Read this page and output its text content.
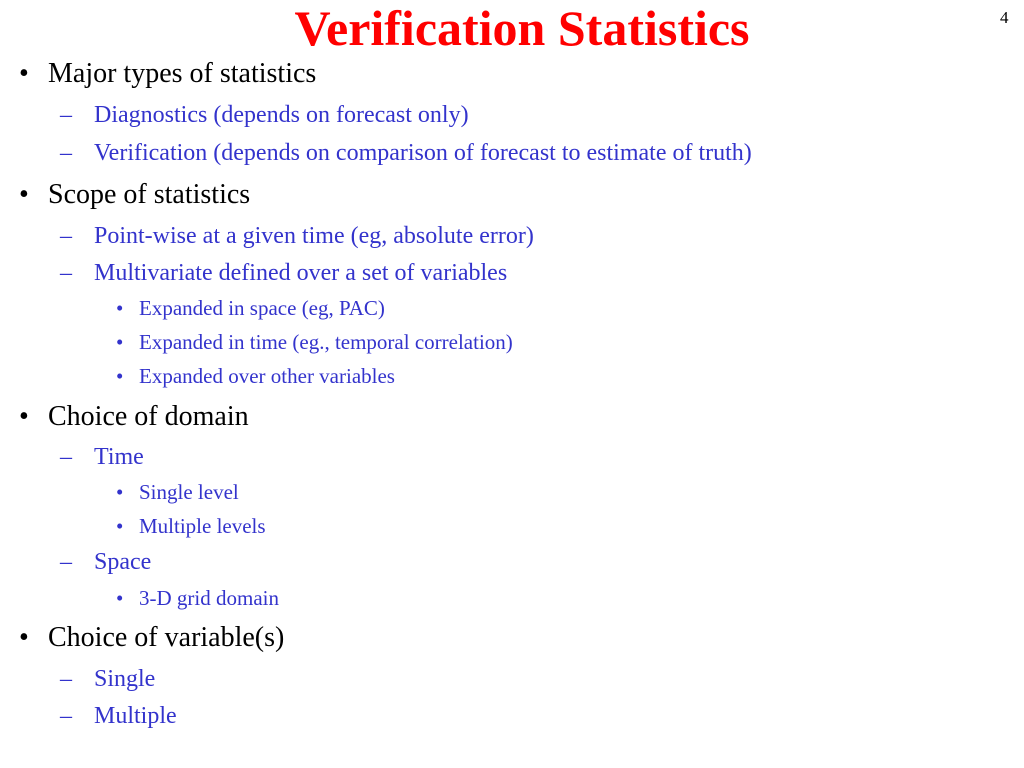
Verification Statistics	4
• Major types of statistics
– Diagnostics (depends on forecast only)
– Verification (depends on comparison of forecast to estimate of truth)
• Scope of statistics
– Point-wise at a given time (eg, absolute error)
– Multivariate defined over a set of variables
• Expanded in space (eg, PAC)
• Expanded in time (eg., temporal correlation)
• Expanded over other variables
• Choice of domain
– Time
• Single level
• Multiple levels
– Space
• 3-D grid domain
• Choice of variable(s)
– Single
– Multiple
